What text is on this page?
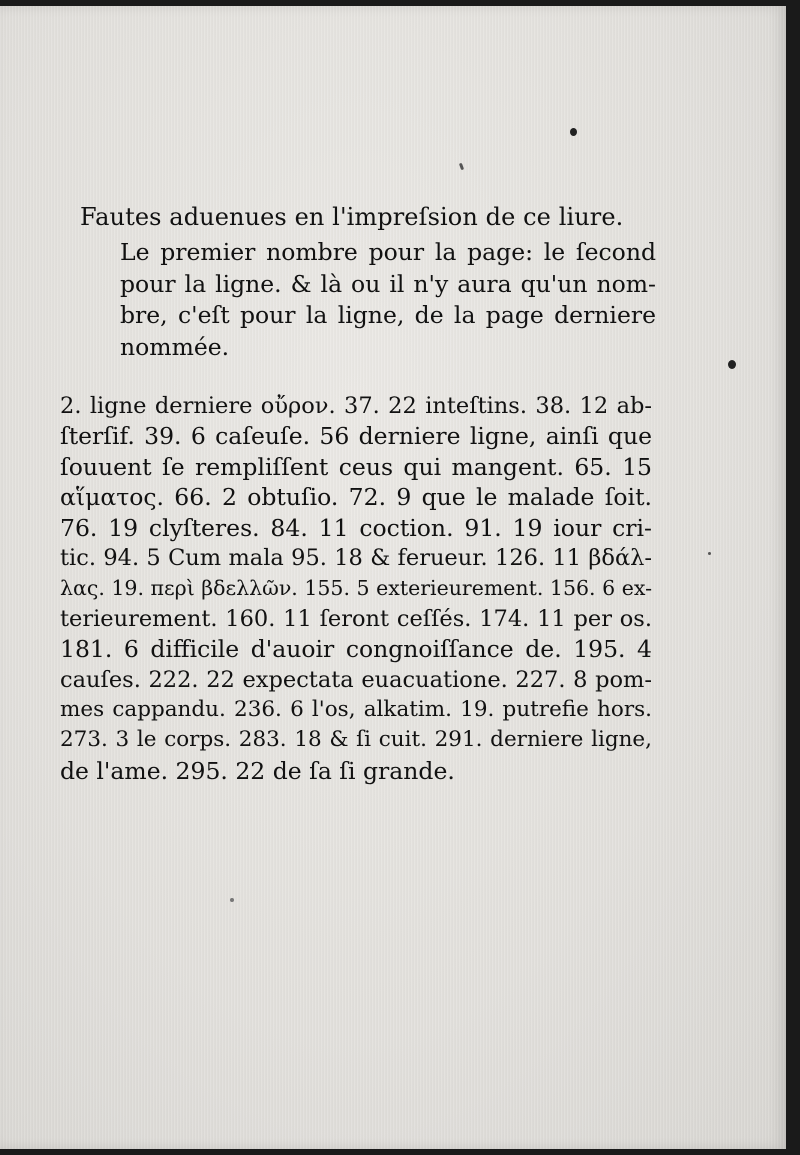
Fautes aduenues en l'impreſsion de ce liure.
Le premier nombre pour la page: le ſecond
pour la ligne. & là ou il n'y aura qu'un nom-
bre, c'eſt pour la ligne, de la page derniere
nommée.
2. ligne derniere οὔρον. 37. 22 inteſtins. 38. 12 ab-
ſterſif. 39. 6 caſeuſe. 56 derniere ligne, ainſi que
ſouuent ſe rempliſſent ceus qui mangent. 65. 15
αἵματος. 66. 2 obtuſio. 72. 9 que le malade ſoit.
76. 19 clyſteres. 84. 11 coction. 91. 19 iour cri-
tic. 94. 5 Cum mala 95. 18 & ferueur. 126. 11 βδάλ-
λας. 19. περὶ βδελλῶν. 155. 5 exterieurement. 156. 6 ex-
terieurement. 160. 11 ſeront ceſſés. 174. 11 per os.
181. 6 difficile d'auoir congnoiſſance de. 195. 4
cauſes. 222. 22 expectata euacuatione. 227. 8 pom-
mes cappandu. 236. 6 l'os, alkatim. 19. putrefie hors.
273. 3 le corps. 283. 18 & ſi cuit. 291. derniere ligne,
de l'ame. 295. 22 de ſa ſi grande.
